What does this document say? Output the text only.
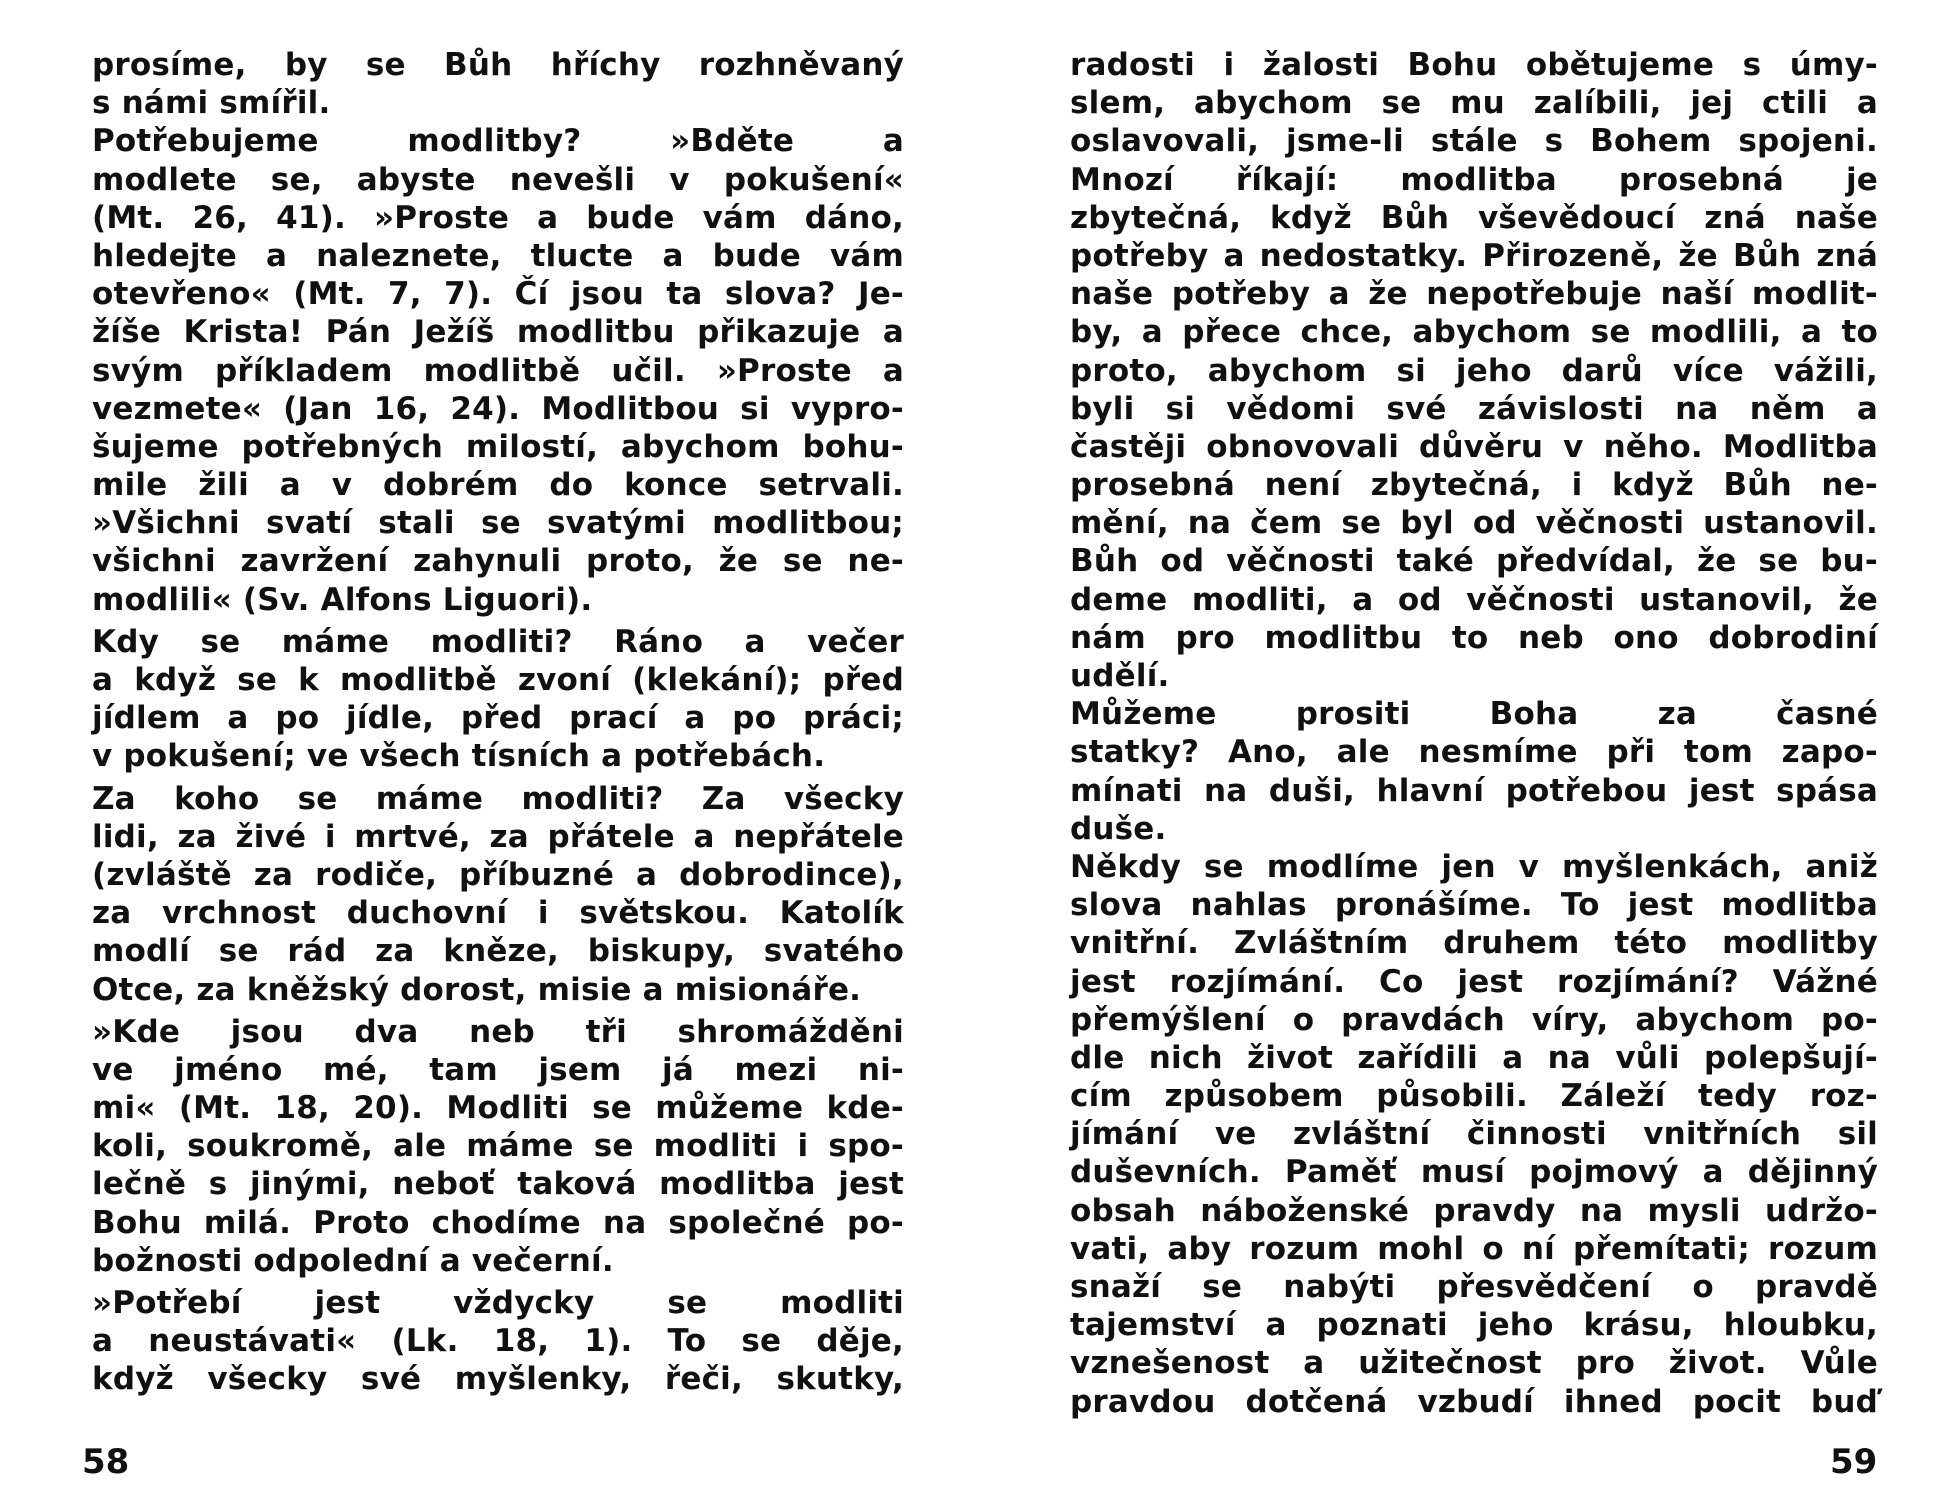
prosíme, by se Bůh hříchy rozhněvaný
s námi smířil.
Potřebujeme modlitby? »Bděte a
modlete se, abyste nevešli v pokušení«
(Mt. 26, 41). »Proste a bude vám dáno,
hledejte a naleznete, tlucte a bude vám
otevřeno« (Mt. 7, 7). Čí jsou ta slova? Je-
žíše Krista! Pán Ježíš modlitbu přikazuje a
svým příkladem modlitbě učil. »Proste a
vezmete« (Jan 16, 24). Modlitbou si vypro-
šujeme potřebných milostí, abychom bohu-
mile žili a v dobrém do konce setrvali.
»Všichni svatí stali se svatými modlitbou;
všichni zavržení zahynuli proto, že se ne-
modlili« (Sv. Alfons Liguori).
Kdy se máme modliti? Ráno a večer
a když se k modlitbě zvoní (klekání); před
jídlem a po jídle, před prací a po práci;
v pokušení; ve všech tísních a potřebách.
Za koho se máme modliti? Za všecky
lidi, za živé i mrtvé, za přátele a nepřátele
(zvláště za rodiče, příbuzné a dobrodince),
za vrchnost duchovní i světskou. Katolík
modlí se rád za kněze, biskupy, svatého
Otce, za kněžský dorost, misie a misionáře.
»Kde jsou dva neb tři shromážděni
ve jméno mé, tam jsem já mezi ni-
mi« (Mt. 18, 20). Modliti se můžeme kde-
koli, soukromě, ale máme se modliti i spo-
lečně s jinými, neboť taková modlitba jest
Bohu milá. Proto chodíme na společné po-
božnosti odpolední a večerní.
»Potřebí jest vždycky se modliti
a neustávati« (Lk. 18, 1). To se děje,
když všecky své myšlenky, řeči, skutky,
radosti i žalosti Bohu obětujeme s úmy-
slem, abychom se mu zalíbili, jej ctili a
oslavovali, jsme-li stále s Bohem spojeni.
Mnozí říkají: modlitba prosebná je
zbytečná, když Bůh vševědoucí zná naše
potřeby a nedostatky. Přirozeně, že Bůh zná
naše potřeby a že nepotřebuje naší modlit-
by, a přece chce, abychom se modlili, a to
proto, abychom si jeho darů více vážili,
byli si vědomi své závislosti na něm a
častěji obnovovali důvěru v něho. Modlitba
prosebná není zbytečná, i když Bůh ne-
mění, na čem se byl od věčnosti ustanovil.
Bůh od věčnosti také předvídal, že se bu-
deme modliti, a od věčnosti ustanovil, že
nám pro modlitbu to neb ono dobrodiní
udělí.
Můžeme prositi Boha za časné
statky? Ano, ale nesmíme při tom zapo-
mínati na duši, hlavní potřebou jest spása
duše.
Někdy se modlíme jen v myšlenkách, aniž
slova nahlas pronášíme. To jest modlitba
vnitřní. Zvláštním druhem této modlitby
jest rozjímání. Co jest rozjímání? Vážné
přemýšlení o pravdách víry, abychom po-
dle nich život zařídili a na vůli polepšují-
cím způsobem působili. Záleží tedy roz-
jímání ve zvláštní činnosti vnitřních sil
duševních. Paměť musí pojmový a dějinný
obsah náboženské pravdy na mysli udržo-
vati, aby rozum mohl o ní přemítati; rozum
snaží se nabýti přesvědčení o pravdě
tajemství a poznati jeho krásu, hloubku,
vznešenost a užitečnost pro život. Vůle
pravdou dotčená vzbudí ihned pocit buď
58	59
